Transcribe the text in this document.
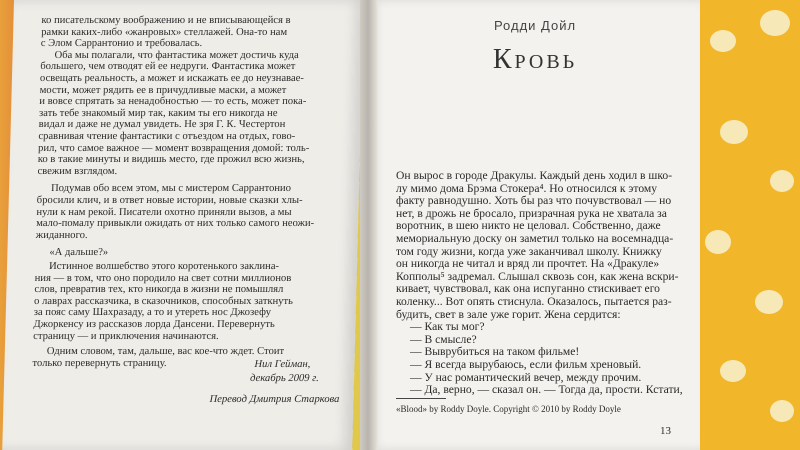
ко писательскому воображению и не вписывающейся в
рамки каких-либо «жанровых» стеллажей. Она-то нам
с Элом Саррантонио и требовалась.
Оба мы полагали, что фантастика может достичь куда
большего, чем отводят ей ее недруги. Фантастика может
освещать реальность, а может и искажать ее до неузнавае-
мости, может рядить ее в причудливые маски, а может
и вовсе спрятать за ненадобностью — то есть, может пока-
зать тебе знакомый мир так, каким ты его никогда не
видал и даже не думал увидеть. Не зря Г. К. Честертон
сравнивая чтение фантастики с отъездом на отдых, гово-
рил, что самое важное — момент возвращения домой: толь-
ко в такие минуты и видишь место, где прожил всю жизнь,
свежим взглядом.
Подумав обо всем этом, мы с мистером Саррантонио
бросили клич, и в ответ новые истории, новые сказки хлы-
нули к нам рекой. Писатели охотно приняли вызов, а мы
мало-помалу привыкли ожидать от них только самого неожи-
жиданного.
«А дальше?»
Истинное волшебство этого коротенького заклина-
ния — в том, что оно породило на свет сотни миллионов
слов, превратив тех, кто никогда в жизни не помышлял
о лаврах рассказчика, в сказочников, способных заткнуть
за пояс саму Шахразаду, а то и утереть нос Джозефу
Джоркенсу из рассказов лорда Дансени. Перевернуть
страницу — и приключения начинаются.
Одним словом, там, дальше, вас кое-что ждет. Стоит
только перевернуть страницу.	Нил Гейман,
декабрь 2009 г.
Перевод Дмитрия Старкова
Родди Дойл
Кровь
Он вырос в городе Дракулы. Каждый день ходил в шко-
лу мимо дома Брэма Стокера⁴. Но относился к этому
факту равнодушно. Хоть бы раз что почувствовал — но
нет, в дрожь не бросало, призрачная рука не хватала за
воротник, в шею никто не целовал. Собственно, даже
мемориальную доску он заметил только на восемнадца-
том году жизни, когда уже заканчивал школу. Книжку
он никогда не читал и вряд ли прочтет. На «Дракуле»
Копполы⁵ задремал. Слышал сквозь сон, как жена вскри-
кивает, чувствовал, как она испуганно стискивает его
коленку... Вот опять стиснула. Оказалось, пытается раз-
будить, свет в зале уже горит. Жена сердится:
— Как ты мог?
— В смысле?
— Выврубиться на таком фильме!
— Я всегда вырубаюсь, если фильм хреновый.
— У нас романтический вечер, между прочим.
— Да, верно, — сказал он. — Тогда да, прости. Кстати,
«Blood» by Roddy Doyle. Copyright © 2010 by Roddy Doyle
13
